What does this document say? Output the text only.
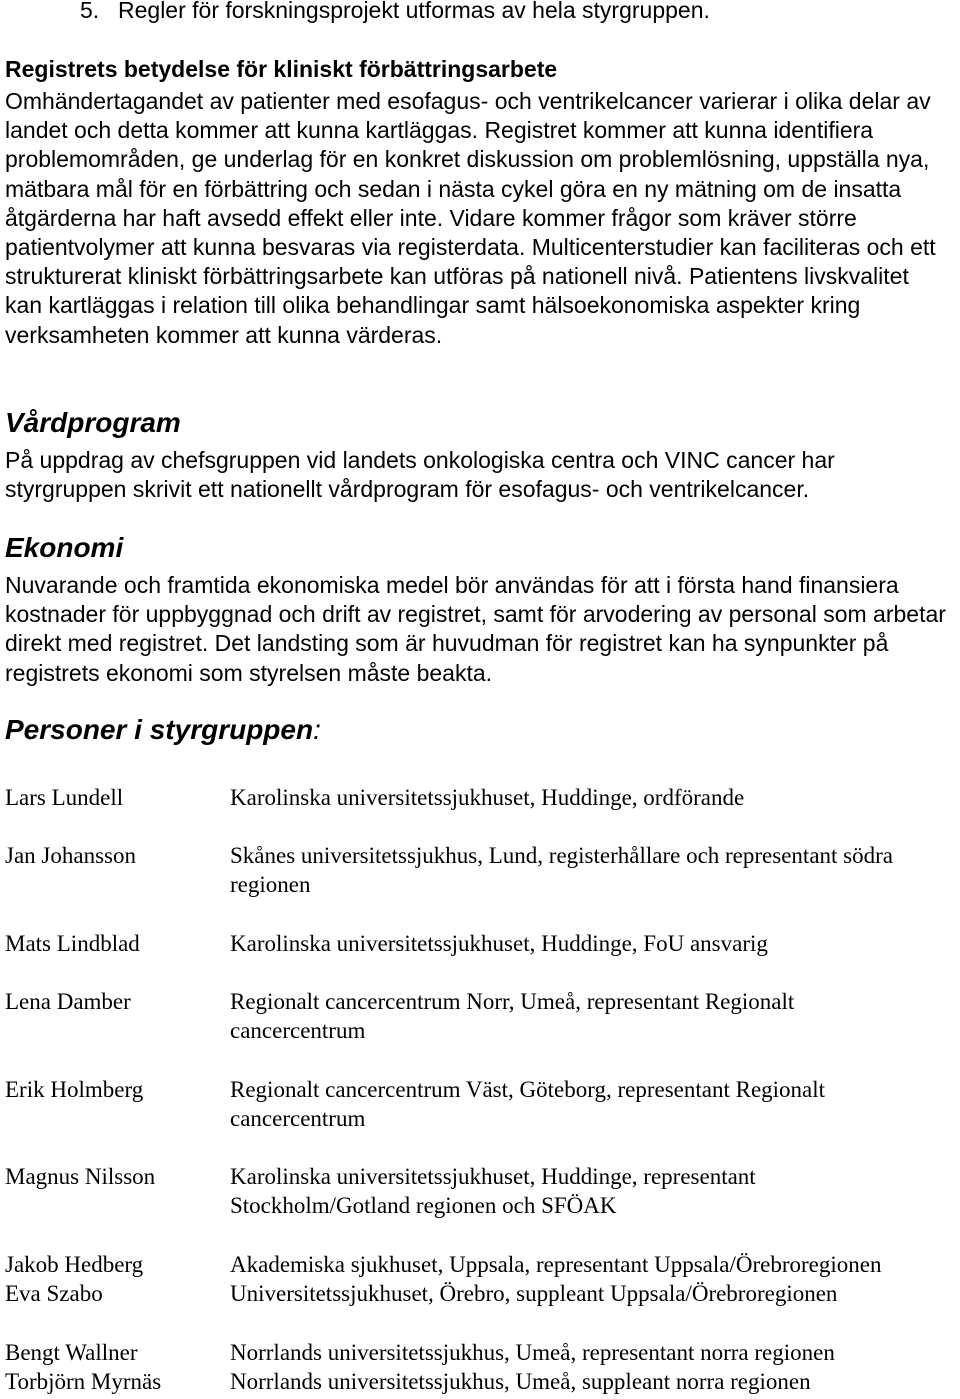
5. Regler för forskningsprojekt utformas av hela styrgruppen.
Registrets betydelse för kliniskt förbättringsarbete

Omhändertagandet av patienter med esofagus- och ventrikelcancer varierar i olika delar av landet och detta kommer att kunna kartläggas. Registret kommer att kunna identifiera problemområden, ge underlag för en konkret diskussion om problemlösning, uppställa nya, mätbara mål för en förbättring och sedan i nästa cykel göra en ny mätning om de insatta åtgärderna har haft avsedd effekt eller inte. Vidare kommer frågor som kräver större patientvolymer att kunna besvaras via registerdata. Multicenterstudier kan faciliteras och ett strukturerat kliniskt förbättringsarbete kan utföras på nationell nivå. Patientens livskvalitet kan kartläggas i relation till olika behandlingar samt hälsoekonomiska aspekter kring verksamheten kommer att kunna värderas.

Vårdprogram

På uppdrag av chefsgruppen vid landets onkologiska centra och VINC cancer har styrgruppen skrivit ett nationellt vårdprogram för esofagus- och ventrikelcancer.

Ekonomi

Nuvarande och framtida ekonomiska medel bör användas för att i första hand finansiera kostnader för uppbyggnad och drift av registret, samt för arvodering av personal som arbetar direkt med registret. Det landsting som är huvudman för registret kan ha synpunkter på registrets ekonomi som styrelsen måste beakta.

Personer i styrgruppen:
Lars Lundell	Karolinska universitetssjukhuset, Huddinge, ordförande
Jan Johansson	Skånes universitetssjukhus, Lund, registerhållare och representant södra regionen
Mats Lindblad	Karolinska universitetssjukhuset, Huddinge, FoU ansvarig
Lena Damber	Regionalt cancercentrum Norr, Umeå, representant Regionalt cancercentrum
Erik Holmberg	Regionalt cancercentrum Väst, Göteborg, representant Regionalt cancercentrum
Magnus Nilsson	Karolinska universitetssjukhuset, Huddinge, representant Stockholm/Gotland regionen och SFÖAK
Jakob Hedberg	Akademiska sjukhuset, Uppsala, representant Uppsala/Örebroregionen
Eva Szabo	Universitetssjukhuset, Örebro, suppleant Uppsala/Örebroregionen
Bengt Wallner	Norrlands universitetssjukhus, Umeå, representant norra regionen
Torbjörn Myrnäs	Norrlands universitetssjukhus, Umeå, suppleant norra regionen
